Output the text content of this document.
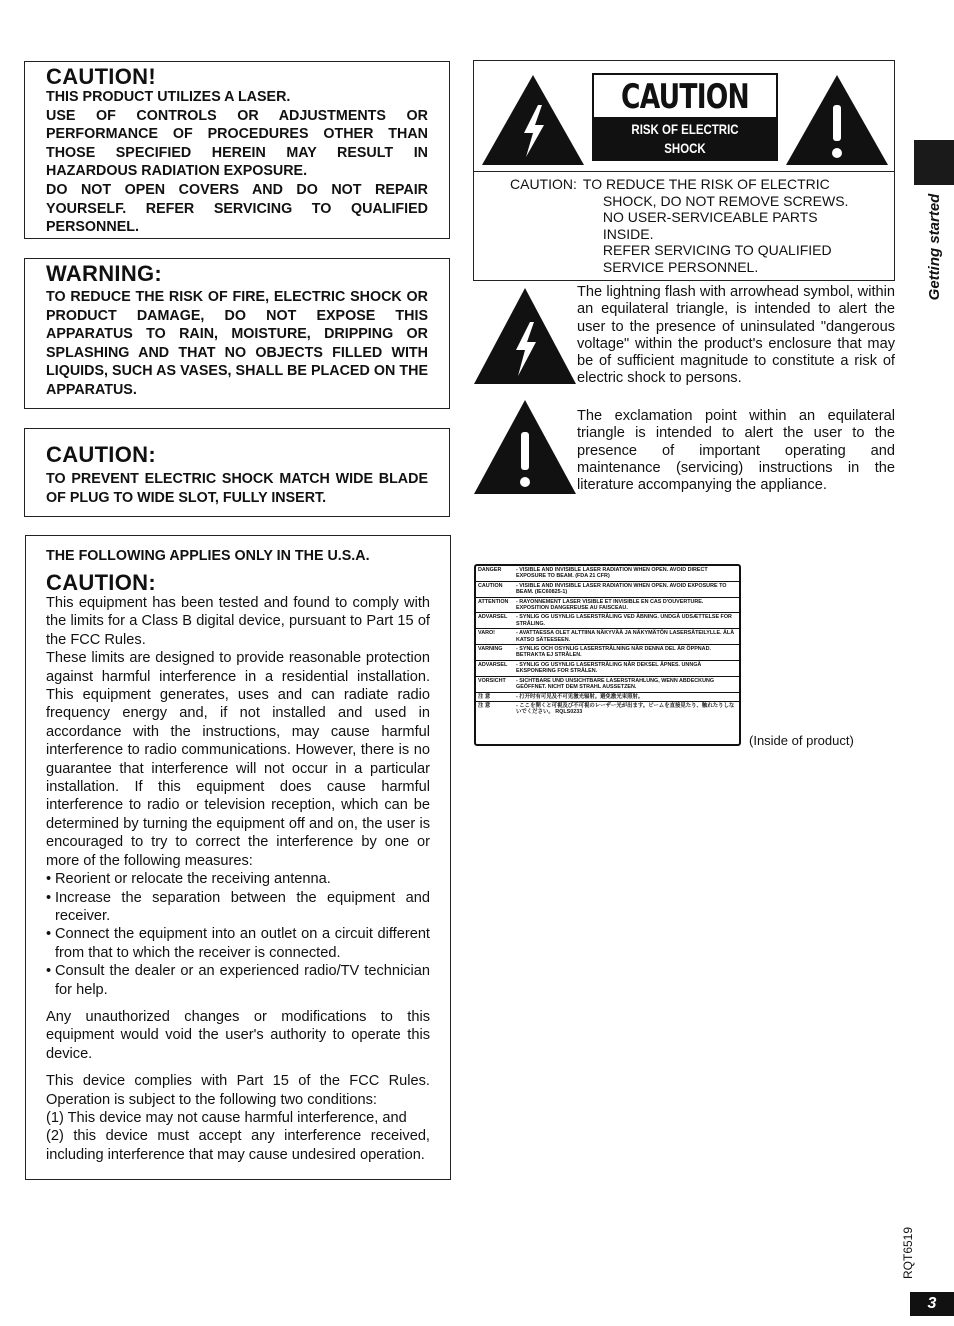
CAUTION!

THIS PRODUCT UTILIZES A LASER.

USE OF CONTROLS OR ADJUSTMENTS OR PERFORMANCE OF PROCEDURES OTHER THAN THOSE SPECIFIED HEREIN MAY RESULT IN HAZARDOUS RADIATION EXPOSURE.

DO NOT OPEN COVERS AND DO NOT REPAIR YOURSELF. REFER SERVICING TO QUALIFIED PERSONNEL.

WARNING:

TO REDUCE THE RISK OF FIRE, ELECTRIC SHOCK OR PRODUCT DAMAGE, DO NOT EXPOSE THIS APPARATUS TO RAIN, MOISTURE, DRIPPING OR SPLASHING AND THAT NO OBJECTS FILLED WITH LIQUIDS, SUCH AS VASES, SHALL BE PLACED ON THE APPARATUS.

CAUTION:

TO PREVENT ELECTRIC SHOCK MATCH WIDE BLADE OF PLUG TO WIDE SLOT, FULLY INSERT.

THE FOLLOWING APPLIES ONLY IN THE U.S.A.
CAUTION:

This equipment has been tested and found to comply with the limits for a Class B digital device, pursuant to Part 15 of the FCC Rules.

These limits are designed to provide reasonable protection against harmful interference in a residential installation. This equipment generates, uses and can radiate radio frequency energy and, if not installed and used in accordance with the instructions, may cause harmful interference to radio communications. However, there is no guarantee that interference will not occur in a particular installation. If this equipment does cause harmful interference to radio or television reception, which can be determined by turning the equipment off and on, the user is encouraged to try to correct the interference by one or more of the following measures:

• Reorient or relocate the receiving antenna.
• Increase the separation between the equipment and receiver.
• Connect the equipment into an outlet on a circuit different from that to which the receiver is connected.
• Consult the dealer or an experienced radio/TV technician for help.

Any unauthorized changes or modifications to this equipment would void the user's authority to operate this device.

This device complies with Part 15 of the FCC Rules. Operation is subject to the following two conditions:

(1) This device may not cause harmful interference, and

(2) this device must accept any interference received, including interference that may cause undesired operation.

CAUTION
RISK OF ELECTRIC SHOCK
DO NOT OPEN
CAUTION: TO REDUCE THE RISK OF ELECTRIC
SHOCK, DO NOT REMOVE SCREWS.
NO USER-SERVICEABLE PARTS
INSIDE.
REFER SERVICING TO QUALIFIED
SERVICE PERSONNEL.

The lightning flash with arrowhead symbol, within an equilateral triangle, is intended to alert the user to the presence of uninsulated "dangerous voltage" within the product's enclosure that may be of sufficient magnitude to constitute a risk of electric shock to persons.

The exclamation point within an equilateral triangle is intended to alert the user to the presence of important operating and maintenance (servicing) instructions in the literature accompanying the appliance.

DANGER	- VISIBLE AND INVISIBLE LASER RADIATION WHEN OPEN. AVOID DIRECT EXPOSURE TO BEAM. (FDA 21 CFR)
CAUTION	- VISIBLE AND INVISIBLE LASER RADIATION WHEN OPEN. AVOID EXPOSURE TO BEAM. (IEC60825-1)
ATTENTION	- RAYONNEMENT LASER VISIBLE ET INVISIBLE EN CAS D'OUVERTURE. EXPOSITION DANGEREUSE AU FAISCEAU.
ADVARSEL	- SYNLIG OG USYNLIG LASERSTRÅLING VED ÅBNING. UNDGÅ UDSÆTTELSE FOR STRÅLING.
VARO!	- AVATTAESSA OLET ALTTIINA NÄKYVÄÄ JA NÄKYMÄTÖN LASERSÄTEILYLLE. ÄLÄ KATSO SÄTEESEEN.
VARNING	- SYNLIG OCH OSYNLIG LASERSTRÅLNING NÄR DENNA DEL ÄR ÖPPNAD. BETRAKTA EJ STRÅLEN.
ADVARSEL	- SYNLIG OG USYNLIG LASERSTRÅLING NÅR DEKSEL ÅPNES. UNNGÅ EKSPONERING FOR STRÅLEN.
VORSICHT	- SICHTBARE UND UNSICHTBARE LASERSTRAHLUNG, WENN ABDECKUNG GEÖFFNET. NICHT DEM STRAHL AUSSETZEN.
注 意	- 打开时有可见及不可见激光辐射。避免激光束照射。
注 意	- ここを開くと可視及び不可視のレーザー光が出ます。ビームを直接見たり、触れたりしないでください。 RQLS0233
(Inside of product)
Getting started
RQT6519
3
